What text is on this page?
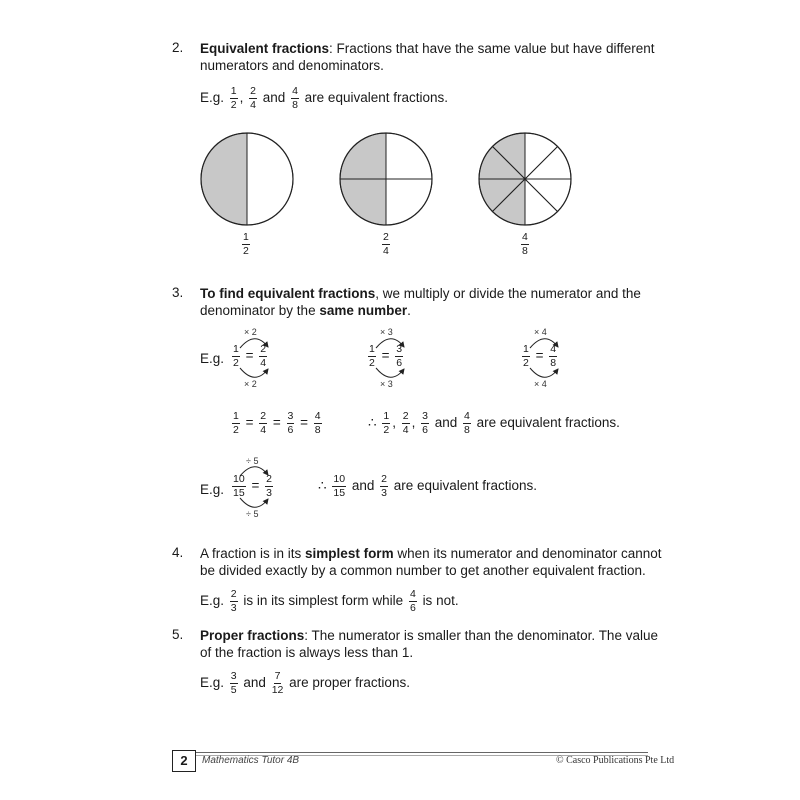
2. Equivalent fractions: Fractions that have the same value but have different
numerators and denominators.
E.g. $\frac{1}{2}$ , $\frac{2}{4}$ and $\frac{4}{8}$ are equivalent fractions.
$\frac{1}{2}$	$\frac{2}{4}$	$\frac{4}{8}$
3. To find equivalent fractions, we multiply or divide the numerator and the
denominator by the same number.
× 2
× 2
× 3
× 3
× 4
× 4
E.g. $\frac{1}{2} = \frac{2}{4}$	$\frac{1}{2} = \frac{3}{6}$	$\frac{1}{2} = \frac{4}{8}$
$\frac{1}{2} = \frac{2}{4} = \frac{3}{6} = \frac{4}{8}$	∴ $\frac{1}{2}$ , $\frac{2}{4}$ , $\frac{3}{6}$ and $\frac{4}{8}$ are equivalent fractions.
÷ 5
÷ 5
E.g. $\frac{10}{15} = \frac{2}{3}$	∴ $\frac{10}{15}$ and $\frac{2}{3}$ are equivalent fractions.
4. A fraction is in its simplest form when its numerator and denominator cannot
be divided exactly by a common number to get another equivalent fraction.
E.g. $\frac{2}{3}$ is in its simplest form while $\frac{4}{6}$ is not.
5. Proper fractions: The numerator is smaller than the denominator. The value
of the fraction is always less than 1.
E.g. $\frac{3}{5}$ and $\frac{7}{12}$ are proper fractions.
2	Mathematics Tutor 4B	© Casco Publications Pte Ltd
